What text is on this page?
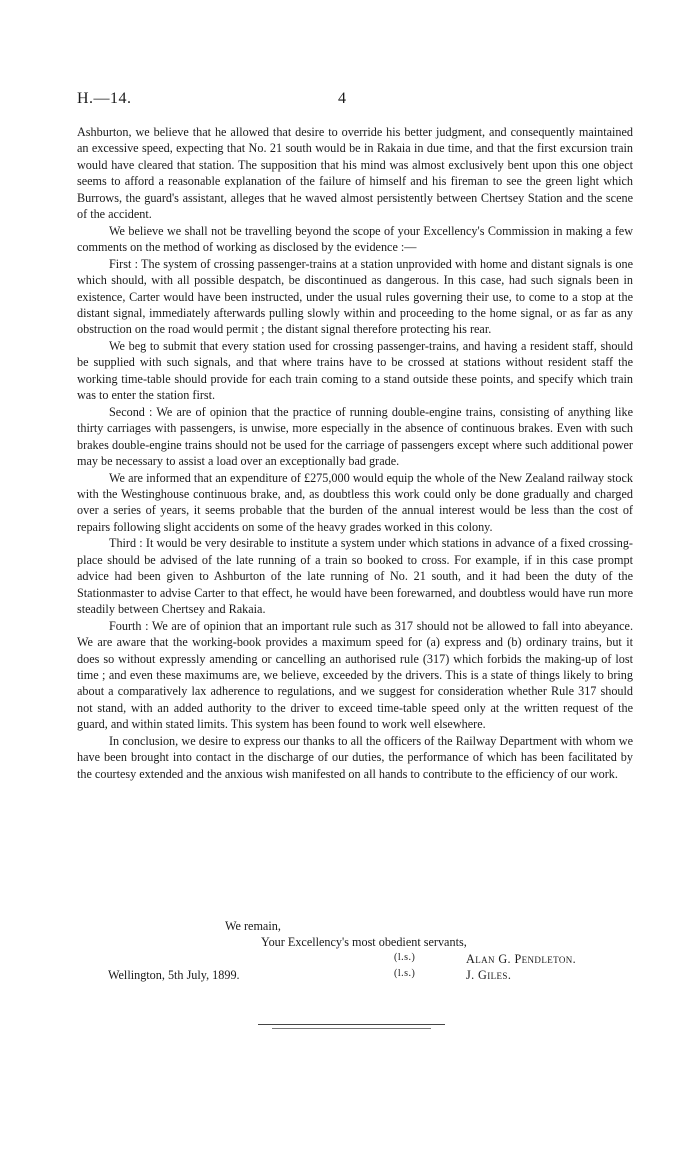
H.—14.	4

Ashburton, we believe that he allowed that desire to override his better judgment, and consequently maintained an excessive speed, expecting that No. 21 south would be in Rakaia in due time, and that the first excursion train would have cleared that station. The supposition that his mind was almost exclusively bent upon this one object seems to afford a reasonable explanation of the failure of himself and his fireman to see the green light which Burrows, the guard's assistant, alleges that he waved almost persistently between Chertsey Station and the scene of the accident.

We believe we shall not be travelling beyond the scope of your Excellency's Commission in making a few comments on the method of working as disclosed by the evidence :—

First : The system of crossing passenger-trains at a station unprovided with home and distant signals is one which should, with all possible despatch, be discontinued as dangerous. In this case, had such signals been in existence, Carter would have been instructed, under the usual rules governing their use, to come to a stop at the distant signal, immediately afterwards pulling slowly within and proceeding to the home signal, or as far as any obstruction on the road would permit ; the distant signal therefore protecting his rear.

We beg to submit that every station used for crossing passenger-trains, and having a resident staff, should be supplied with such signals, and that where trains have to be crossed at stations without resident staff the working time-table should provide for each train coming to a stand outside these points, and specify which train was to enter the station first.

Second : We are of opinion that the practice of running double-engine trains, consisting of anything like thirty carriages with passengers, is unwise, more especially in the absence of continuous brakes. Even with such brakes double-engine trains should not be used for the carriage of passengers except where such additional power may be necessary to assist a load over an exceptionally bad grade.

We are informed that an expenditure of £275,000 would equip the whole of the New Zealand railway stock with the Westinghouse continuous brake, and, as doubtless this work could only be done gradually and charged over a series of years, it seems probable that the burden of the annual interest would be less than the cost of repairs following slight accidents on some of the heavy grades worked in this colony.

Third : It would be very desirable to institute a system under which stations in advance of a fixed crossing-place should be advised of the late running of a train so booked to cross. For example, if in this case prompt advice had been given to Ashburton of the late running of No. 21 south, and it had been the duty of the Stationmaster to advise Carter to that effect, he would have been forewarned, and doubtless would have run more steadily between Chertsey and Rakaia.

Fourth : We are of opinion that an important rule such as 317 should not be allowed to fall into abeyance. We are aware that the working-book provides a maximum speed for (a) express and (b) ordinary trains, but it does so without expressly amending or cancelling an authorised rule (317) which forbids the making-up of lost time ; and even these maximums are, we believe, exceeded by the drivers. This is a state of things likely to bring about a comparatively lax adherence to regulations, and we suggest for consideration whether Rule 317 should not stand, with an added authority to the driver to exceed time-table speed only at the written request of the guard, and within stated limits. This system has been found to work well elsewhere.

In conclusion, we desire to express our thanks to all the officers of the Railway Department with whom we have been brought into contact in the discharge of our duties, the performance of which has been facilitated by the courtesy extended and the anxious wish manifested on all hands to contribute to the efficiency of our work.

We remain,
Your Excellency's most obedient servants,
(l.s.)	Alan G. Pendleton.
Wellington, 5th July, 1899.	(l.s.)	J. Giles.
